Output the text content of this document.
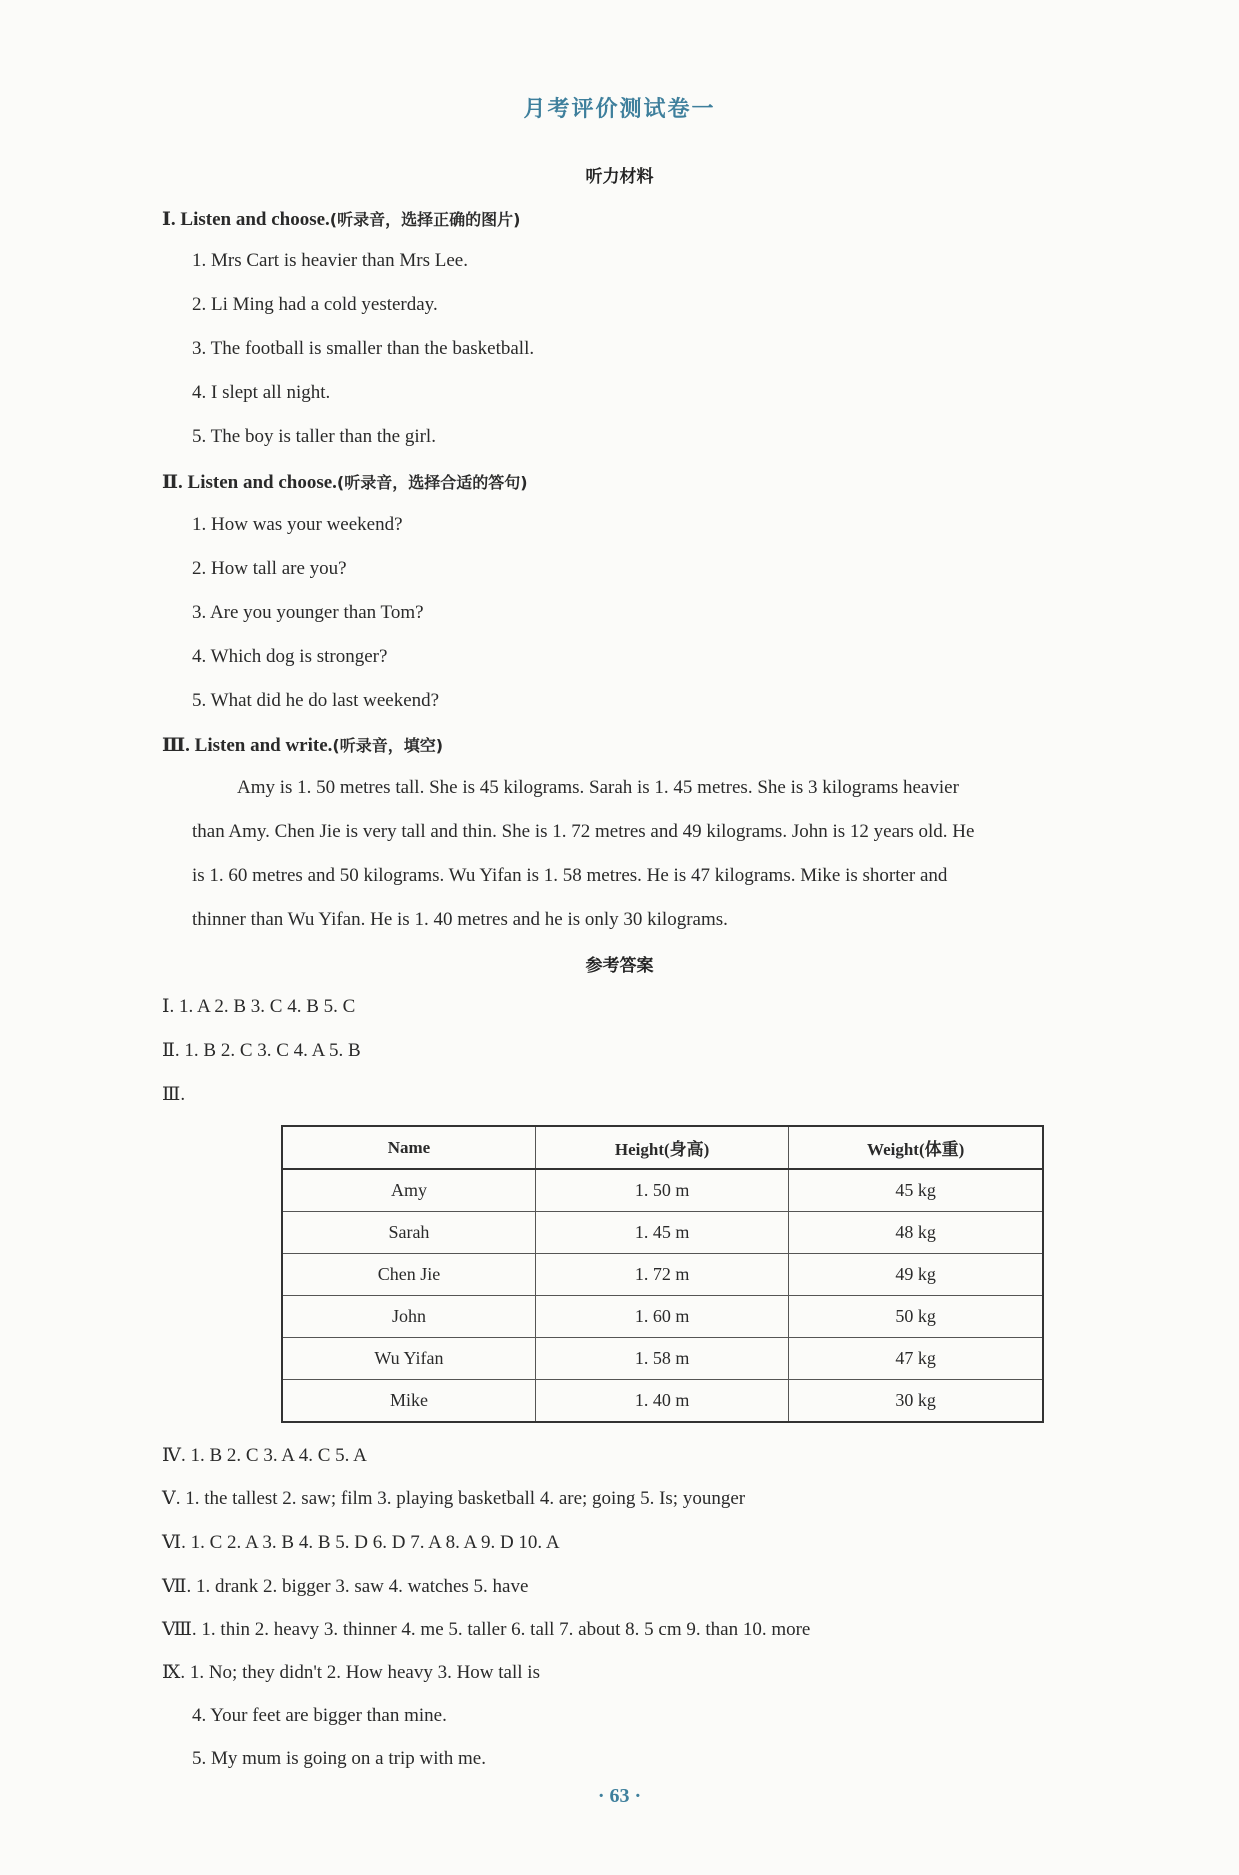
月考评价测试卷一
听力材料
Ⅰ. Listen and choose.(听录音，选择正确的图片)
1. Mrs Cart is heavier than Mrs Lee.
2. Li Ming had a cold yesterday.
3. The football is smaller than the basketball.
4. I slept all night.
5. The boy is taller than the girl.
Ⅱ. Listen and choose.(听录音，选择合适的答句)
1. How was your weekend?
2. How tall are you?
3. Are you younger than Tom?
4. Which dog is stronger?
5. What did he do last weekend?
Ⅲ. Listen and write.(听录音，填空)
Amy is 1. 50 metres tall. She is 45 kilograms. Sarah is 1. 45 metres. She is 3 kilograms heavier
than Amy. Chen Jie is very tall and thin. She is 1. 72 metres and 49 kilograms. John is 12 years old. He
is 1. 60 metres and 50 kilograms. Wu Yifan is 1. 58 metres. He is 47 kilograms. Mike is shorter and
thinner than Wu Yifan. He is 1. 40 metres and he is only 30 kilograms.
参考答案
Ⅰ. 1. A 2. B 3. C 4. B 5. C
Ⅱ. 1. B 2. C 3. C 4. A 5. B
Ⅲ.
Name	Height(身高)	Weight(体重)
Amy	1. 50 m	45 kg
Sarah	1. 45 m	48 kg
Chen Jie	1. 72 m	49 kg
John	1. 60 m	50 kg
Wu Yifan	1. 58 m	47 kg
Mike	1. 40 m	30 kg
Ⅳ. 1. B 2. C 3. A 4. C 5. A
Ⅴ. 1. the tallest 2. saw; film 3. playing basketball 4. are; going 5. Is; younger
Ⅵ. 1. C 2. A 3. B 4. B 5. D 6. D 7. A 8. A 9. D 10. A
Ⅶ. 1. drank 2. bigger 3. saw 4. watches 5. have
Ⅷ. 1. thin 2. heavy 3. thinner 4. me 5. taller 6. tall 7. about 8. 5 cm 9. than 10. more
Ⅸ. 1. No; they didn't 2. How heavy 3. How tall is
4. Your feet are bigger than mine.
5. My mum is going on a trip with me.
· 63 ·
